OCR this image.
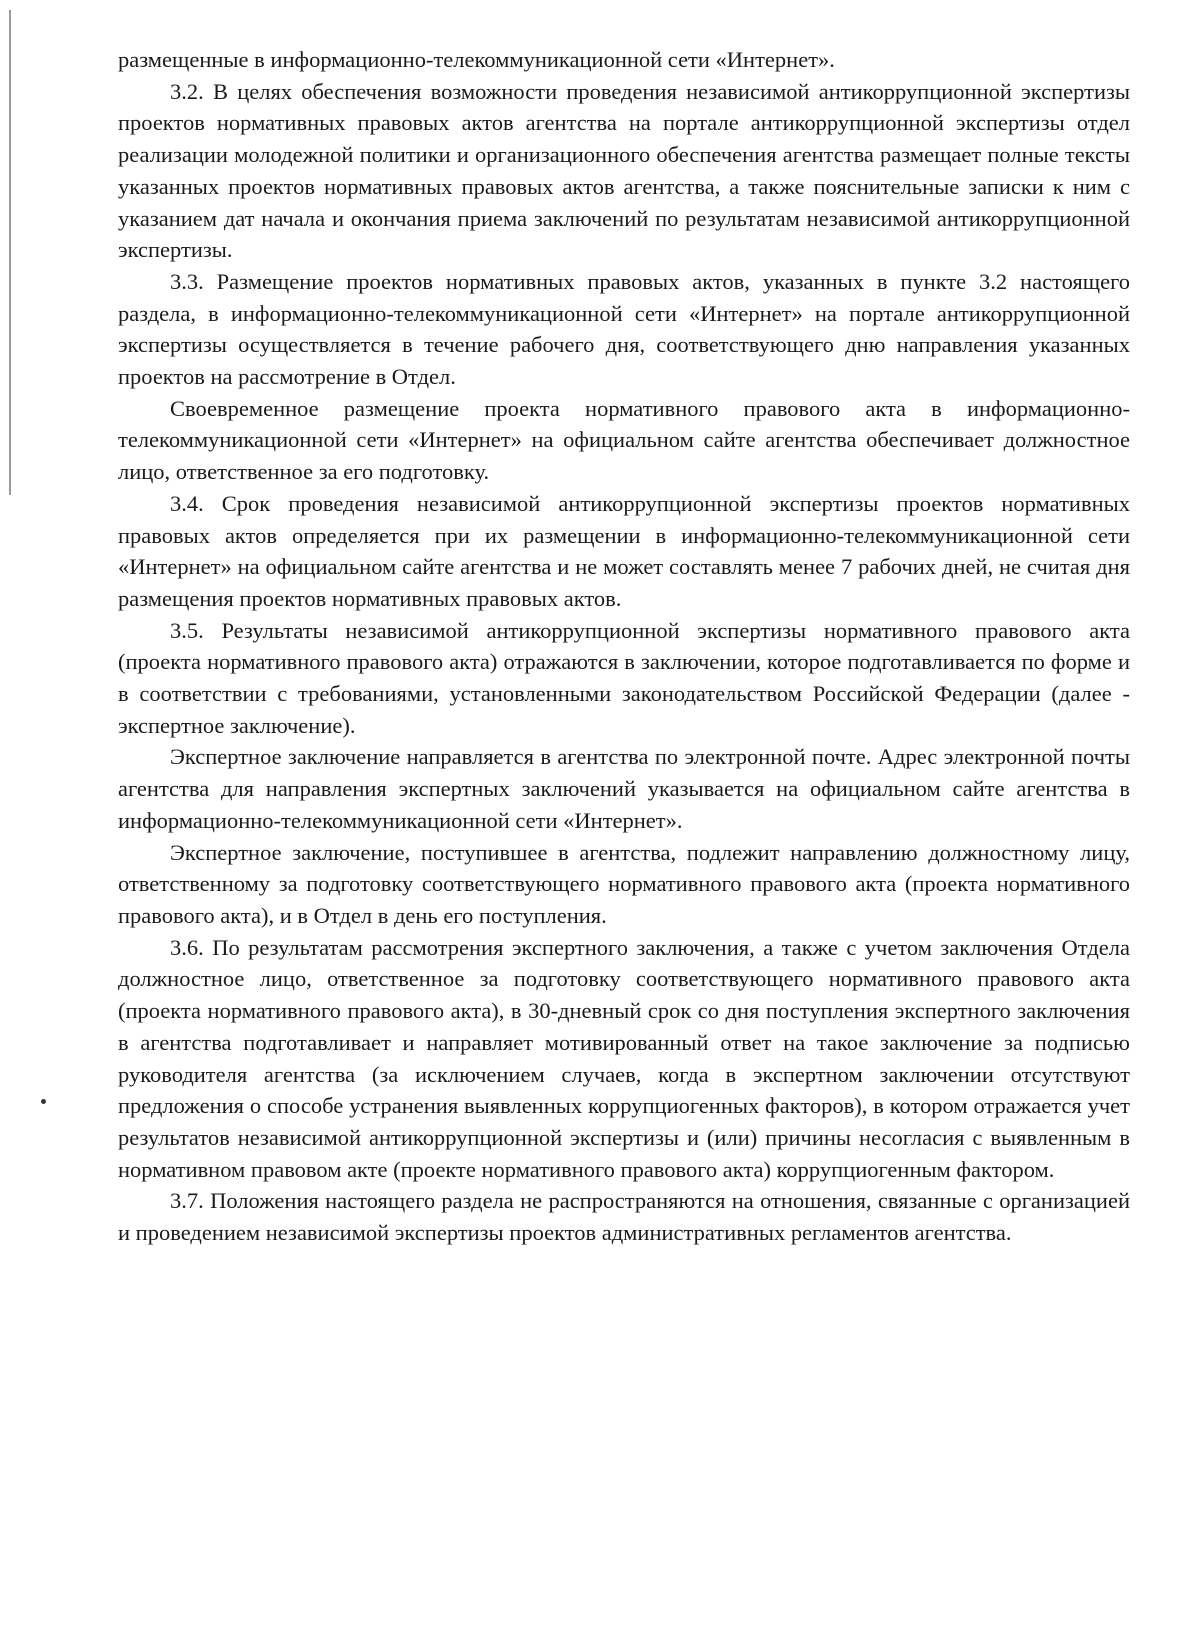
размещенные в информационно-телекоммуникационной сети «Интернет».

3.2. В целях обеспечения возможности проведения независимой антикоррупционной экспертизы проектов нормативных правовых актов агентства на портале антикоррупционной экспертизы отдел реализации молодежной политики и организационного обеспечения агентства размещает полные тексты указанных проектов нормативных правовых актов агентства, а также пояснительные записки к ним с указанием дат начала и окончания приема заключений по результатам независимой антикоррупционной экспертизы.

3.3. Размещение проектов нормативных правовых актов, указанных в пункте 3.2 настоящего раздела, в информационно-телекоммуникационной сети «Интернет» на портале антикоррупционной экспертизы осуществляется в течение рабочего дня, соответствующего дню направления указанных проектов на рассмотрение в Отдел.

Своевременное размещение проекта нормативного правового акта в информационно-телекоммуникационной сети «Интернет» на официальном сайте агентства обеспечивает должностное лицо, ответственное за его подготовку.

3.4. Срок проведения независимой антикоррупционной экспертизы проектов нормативных правовых актов определяется при их размещении в информационно-телекоммуникационной сети «Интернет» на официальном сайте агентства и не может составлять менее 7 рабочих дней, не считая дня размещения проектов нормативных правовых актов.

3.5. Результаты независимой антикоррупционной экспертизы нормативного правового акта (проекта нормативного правового акта) отражаются в заключении, которое подготавливается по форме и в соответствии с требованиями, установленными законодательством Российской Федерации (далее - экспертное заключение).

Экспертное заключение направляется в агентства по электронной почте. Адрес электронной почты агентства для направления экспертных заключений указывается на официальном сайте агентства в информационно-телекоммуникационной сети «Интернет».

Экспертное заключение, поступившее в агентства, подлежит направлению должностному лицу, ответственному за подготовку соответствующего нормативного правового акта (проекта нормативного правового акта), и в Отдел в день его поступления.

3.6. По результатам рассмотрения экспертного заключения, а также с учетом заключения Отдела должностное лицо, ответственное за подготовку соответствующего нормативного правового акта (проекта нормативного правового акта), в 30-дневный срок со дня поступления экспертного заключения в агентства подготавливает и направляет мотивированный ответ на такое заключение за подписью руководителя агентства (за исключением случаев, когда в экспертном заключении отсутствуют предложения о способе устранения выявленных коррупциогенных факторов), в котором отражается учет результатов независимой антикоррупционной экспертизы и (или) причины несогласия с выявленным в нормативном правовом акте (проекте нормативного правового акта) коррупциогенным фактором.

3.7. Положения настоящего раздела не распространяются на отношения, связанные с организацией и проведением независимой экспертизы проектов административных регламентов агентства.
